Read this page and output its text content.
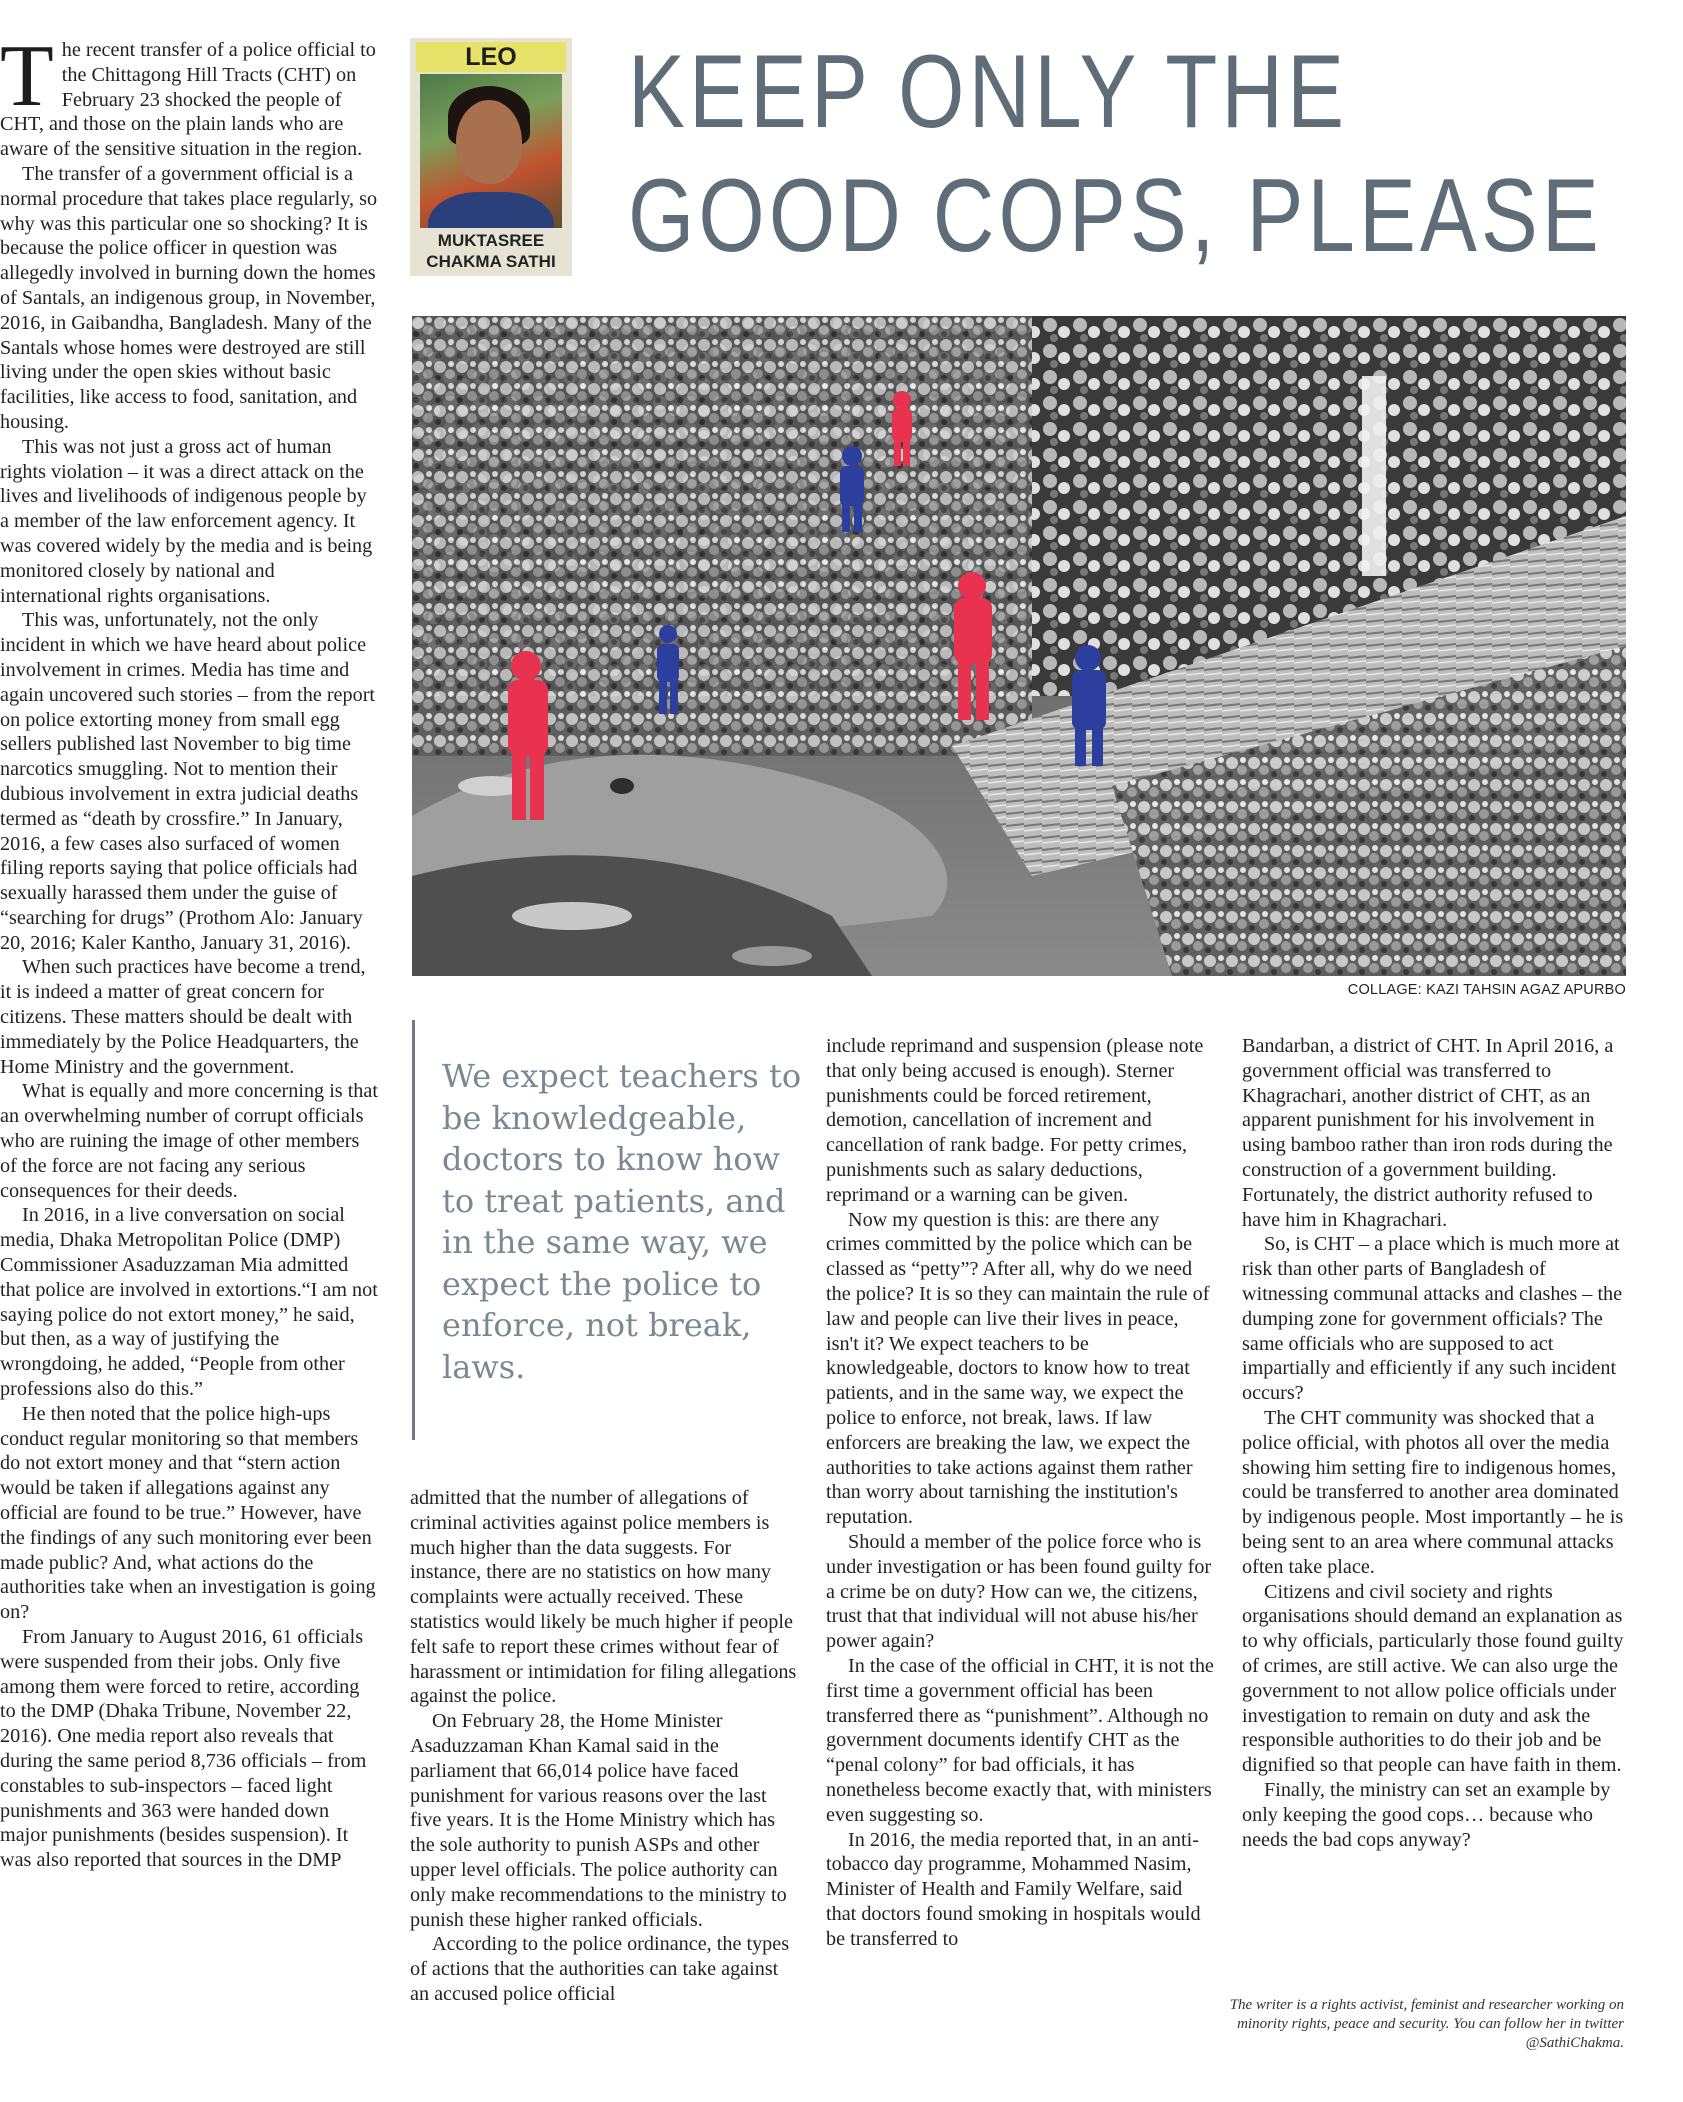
LEO
MUKTASREE
CHAKMA SATHI
KEEP ONLY THE
GOOD COPS, PLEASE
COLLAGE: KAZI TAHSIN AGAZ APURBO
We expect teachers to be knowledgeable, doctors to know how to treat patients, and in the same way, we expect the police to enforce, not break, laws.

The recent transfer of a police official to the Chittagong Hill Tracts (CHT) on February 23 shocked the people of CHT, and those on the plain lands who are aware of the sensitive situation in the region.

The transfer of a government official is a normal procedure that takes place regularly, so why was this particular one so shocking? It is because the police officer in question was allegedly involved in burning down the homes of Santals, an indigenous group, in November, 2016, in Gaibandha, Bangladesh. Many of the Santals whose homes were destroyed are still living under the open skies without basic facilities, like access to food, sanitation, and housing.

This was not just a gross act of human rights violation – it was a direct attack on the lives and livelihoods of indigenous people by a member of the law enforcement agency. It was covered widely by the media and is being monitored closely by national and international rights organisations.

This was, unfortunately, not the only incident in which we have heard about police involvement in crimes. Media has time and again uncovered such stories – from the report on police extorting money from small egg sellers published last November to big time narcotics smuggling. Not to mention their dubious involvement in extra judicial deaths termed as “death by crossfire.” In January, 2016, a few cases also surfaced of women filing reports saying that police officials had sexually harassed them under the guise of “searching for drugs” (Prothom Alo: January 20, 2016; Kaler Kantho, January 31, 2016).

When such practices have become a trend, it is indeed a matter of great concern for citizens. These matters should be dealt with immediately by the Police Headquarters, the Home Ministry and the government.

What is equally and more concerning is that an overwhelming number of corrupt officials who are ruining the image of other members of the force are not facing any serious consequences for their deeds.

In 2016, in a live conversation on social media, Dhaka Metropolitan Police (DMP) Commissioner Asaduzzaman Mia admitted that police are involved in extortions.“I am not saying police do not extort money,” he said, but then, as a way of justifying the wrongdoing, he added, “People from other professions also do this.”

He then noted that the police high-ups conduct regular monitoring so that members do not extort money and that “stern action would be taken if allegations against any official are found to be true.” However, have the findings of any such monitoring ever been made public? And, what actions do the authorities take when an investigation is going on?

From January to August 2016, 61 officials were suspended from their jobs. Only five among them were forced to retire, according to the DMP (Dhaka Tribune, November 22, 2016). One media report also reveals that during the same period 8,736 officials – from constables to sub-inspectors – faced light punishments and 363 were handed down major punishments (besides suspension). It was also reported that sources in the DMP

admitted that the number of allegations of criminal activities against police members is much higher than the data suggests. For instance, there are no statistics on how many complaints were actually received. These statistics would likely be much higher if people felt safe to report these crimes without fear of harassment or intimidation for filing allegations against the police.

On February 28, the Home Minister Asaduzzaman Khan Kamal said in the parliament that 66,014 police have faced punishment for various reasons over the last five years. It is the Home Ministry which has the sole authority to punish ASPs and other upper level officials. The police authority can only make recommendations to the ministry to punish these higher ranked officials.

According to the police ordinance, the types of actions that the authorities can take against an accused police official

include reprimand and suspension (please note that only being accused is enough). Sterner punishments could be forced retirement, demotion, cancellation of increment and cancellation of rank badge. For petty crimes, punishments such as salary deductions, reprimand or a warning can be given.

Now my question is this: are there any crimes committed by the police which can be classed as “petty”? After all, why do we need the police? It is so they can maintain the rule of law and people can live their lives in peace, isn't it? We expect teachers to be knowledgeable, doctors to know how to treat patients, and in the same way, we expect the police to enforce, not break, laws. If law enforcers are breaking the law, we expect the authorities to take actions against them rather than worry about tarnishing the institution's reputation.

Should a member of the police force who is under investigation or has been found guilty for a crime be on duty? How can we, the citizens, trust that that individual will not abuse his/her power again?

In the case of the official in CHT, it is not the first time a government official has been transferred there as “punishment”. Although no government documents identify CHT as the “penal colony” for bad officials, it has nonetheless become exactly that, with ministers even suggesting so.

In 2016, the media reported that, in an anti-tobacco day programme, Mohammed Nasim, Minister of Health and Family Welfare, said that doctors found smoking in hospitals would be transferred to

Bandarban, a district of CHT. In April 2016, a government official was transferred to Khagrachari, another district of CHT, as an apparent punishment for his involvement in using bamboo rather than iron rods during the construction of a government building. Fortunately, the district authority refused to have him in Khagrachari.

So, is CHT – a place which is much more at risk than other parts of Bangladesh of witnessing communal attacks and clashes – the dumping zone for government officials? The same officials who are supposed to act impartially and efficiently if any such incident occurs?

The CHT community was shocked that a police official, with photos all over the media showing him setting fire to indigenous homes, could be transferred to another area dominated by indigenous people. Most importantly – he is being sent to an area where communal attacks often take place.

Citizens and civil society and rights organisations should demand an explanation as to why officials, particularly those found guilty of crimes, are still active. We can also urge the government to not allow police officials under investigation to remain on duty and ask the responsible authorities to do their job and be dignified so that people can have faith in them.

Finally, the ministry can set an example by only keeping the good cops… because who needs the bad cops anyway?

The writer is a rights activist, feminist and researcher working on minority rights, peace and security. You can follow her in twitter @SathiChakma.
